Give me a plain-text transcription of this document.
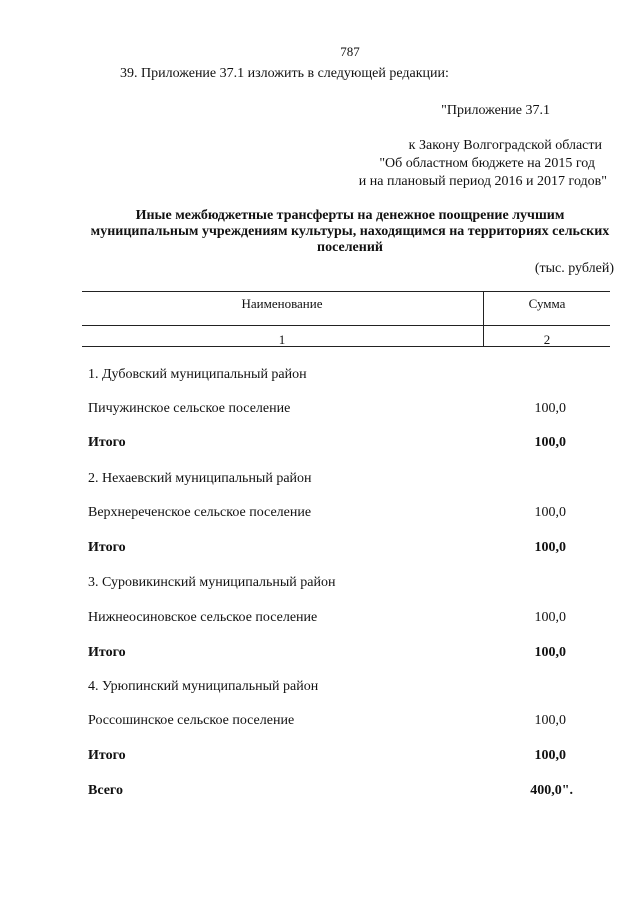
787
39. Приложение 37.1 изложить в следующей редакции:
"Приложение 37.1
к Закону Волгоградской области
"Об областном бюджете на 2015 год
и на плановый период 2016 и 2017 годов"
Иные межбюджетные трансферты на денежное поощрение лучшим муниципальным учреждениям культуры, находящимся на территориях сельских поселений
(тыс. рублей)
Наименование	Сумма
1	2
1. Дубовский муниципальный район
Пичужинское сельское поселение	100,0
Итого	100,0
2. Нехаевский муниципальный район
Верхнереченское сельское поселение	100,0
Итого	100,0
3. Суровикинский муниципальный район
Нижнеосиновское сельское поселение	100,0
Итого	100,0
4. Урюпинский муниципальный район
Россошинское сельское поселение	100,0
Итого	100,0
Всего	400,0".
